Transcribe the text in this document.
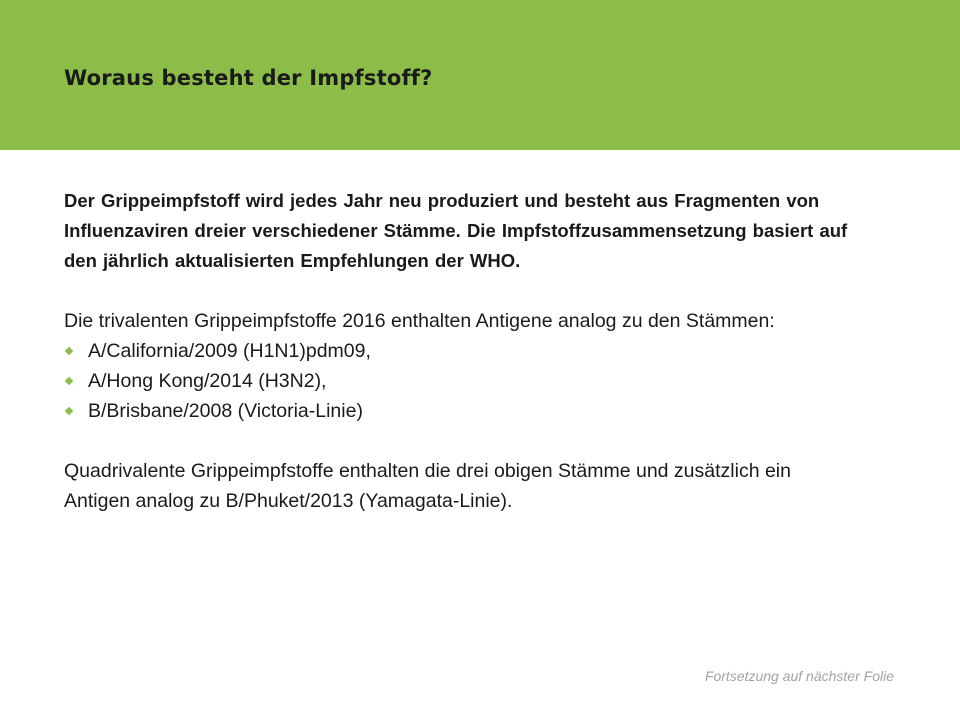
Woraus besteht der Impfstoff?

Der Grippeimpfstoff wird jedes Jahr neu produziert und besteht aus Fragmenten von Influenzaviren dreier verschiedener Stämme. Die Impfstoffzusammensetzung basiert auf den jährlich aktualisierten Empfehlungen der WHO.

Die trivalenten Grippeimpfstoffe 2016 enthalten Antigene analog zu den Stämmen:

A/California/2009 (H1N1)pdm09,
A/Hong Kong/2014 (H3N2),
B/Brisbane/2008 (Victoria-Linie)

Quadrivalente Grippeimpfstoffe enthalten die drei obigen Stämme und zusätzlich ein Antigen analog zu B/Phuket/2013 (Yamagata-Linie).

Fortsetzung auf nächster Folie
